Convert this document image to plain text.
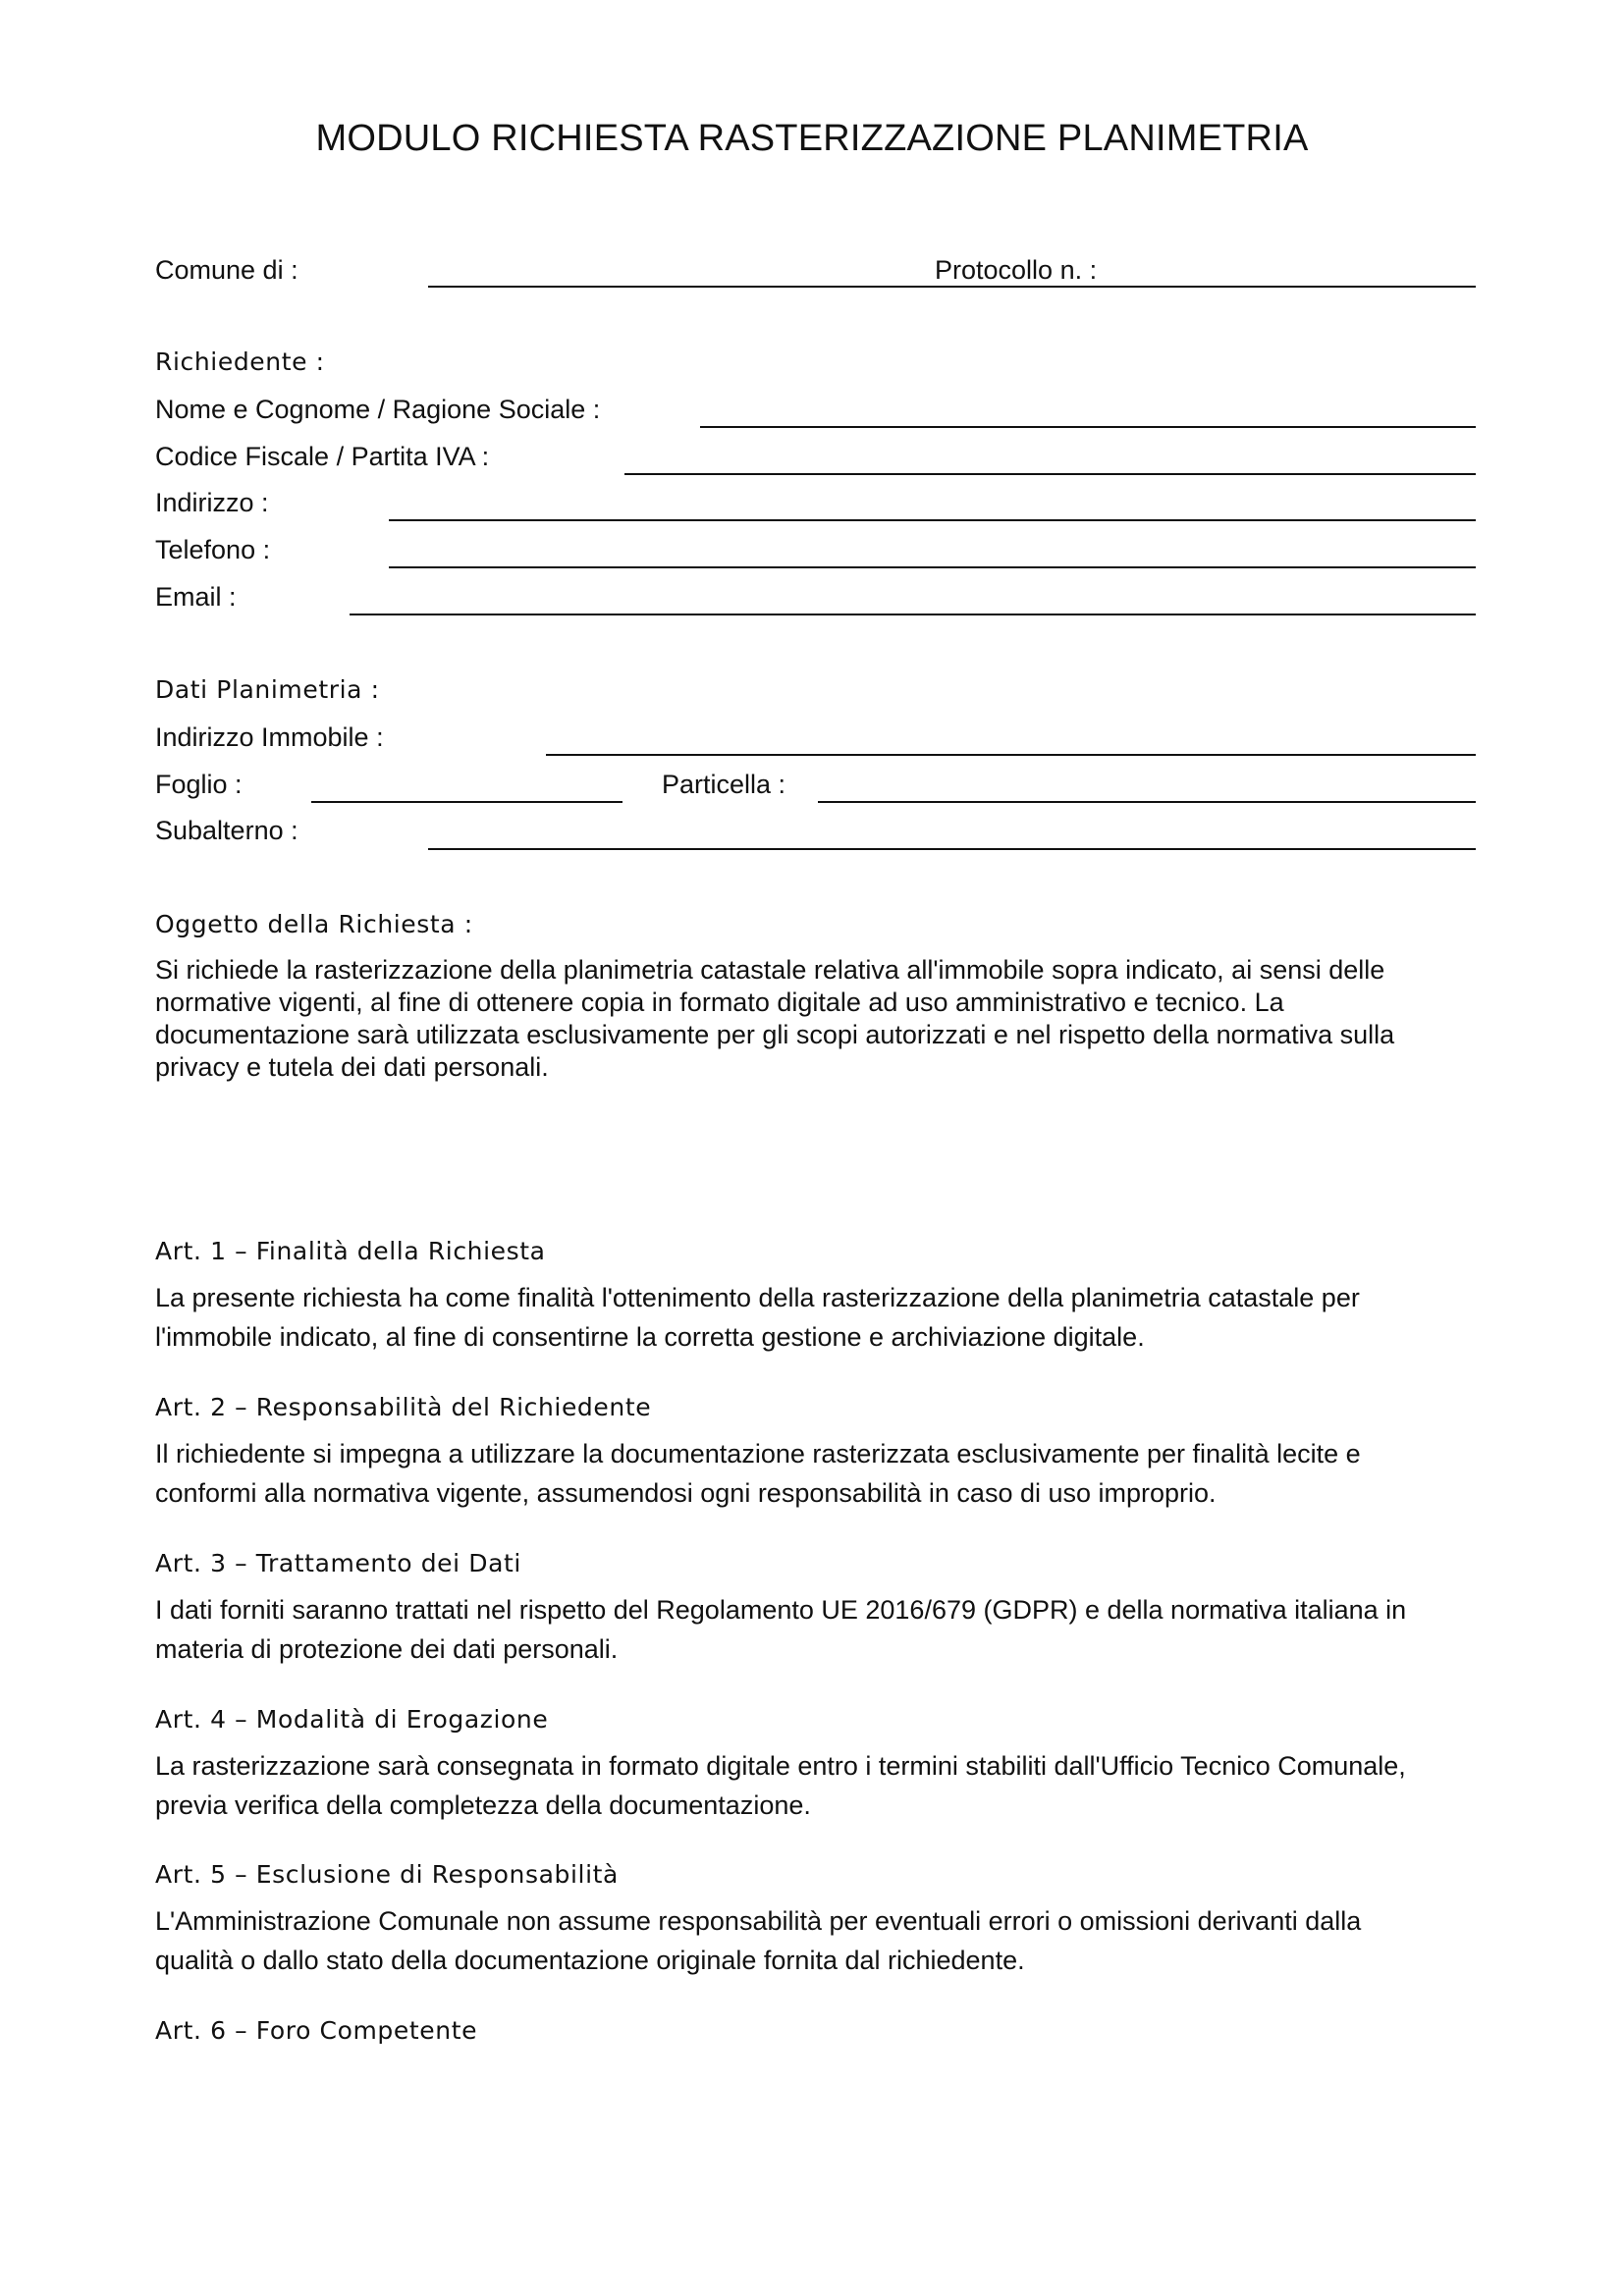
MODULO RICHIESTA RASTERIZZAZIONE PLANIMETRIA
Comune di :	Protocollo n. :
Richiedente :
Nome e Cognome / Ragione Sociale :
Codice Fiscale / Partita IVA :
Indirizzo :
Telefono :
Email :
Dati Planimetria :
Indirizzo Immobile :
Foglio :	Particella :
Subalterno :
Oggetto della Richiesta :
Si richiede la rasterizzazione della planimetria catastale relativa all'immobile sopra indicato, ai sensi delle
normative vigenti, al fine di ottenere copia in formato digitale ad uso amministrativo e tecnico. La
documentazione sarà utilizzata esclusivamente per gli scopi autorizzati e nel rispetto della normativa sulla
privacy e tutela dei dati personali.
Art. 1 – Finalità della Richiesta
La presente richiesta ha come finalità l'ottenimento della rasterizzazione della planimetria catastale per
l'immobile indicato, al fine di consentirne la corretta gestione e archiviazione digitale.
Art. 2 – Responsabilità del Richiedente
Il richiedente si impegna a utilizzare la documentazione rasterizzata esclusivamente per finalità lecite e
conformi alla normativa vigente, assumendosi ogni responsabilità in caso di uso improprio.
Art. 3 – Trattamento dei Dati
I dati forniti saranno trattati nel rispetto del Regolamento UE 2016/679 (GDPR) e della normativa italiana in
materia di protezione dei dati personali.
Art. 4 – Modalità di Erogazione
La rasterizzazione sarà consegnata in formato digitale entro i termini stabiliti dall'Ufficio Tecnico Comunale,
previa verifica della completezza della documentazione.
Art. 5 – Esclusione di Responsabilità
L'Amministrazione Comunale non assume responsabilità per eventuali errori o omissioni derivanti dalla
qualità o dallo stato della documentazione originale fornita dal richiedente.
Art. 6 – Foro Competente
